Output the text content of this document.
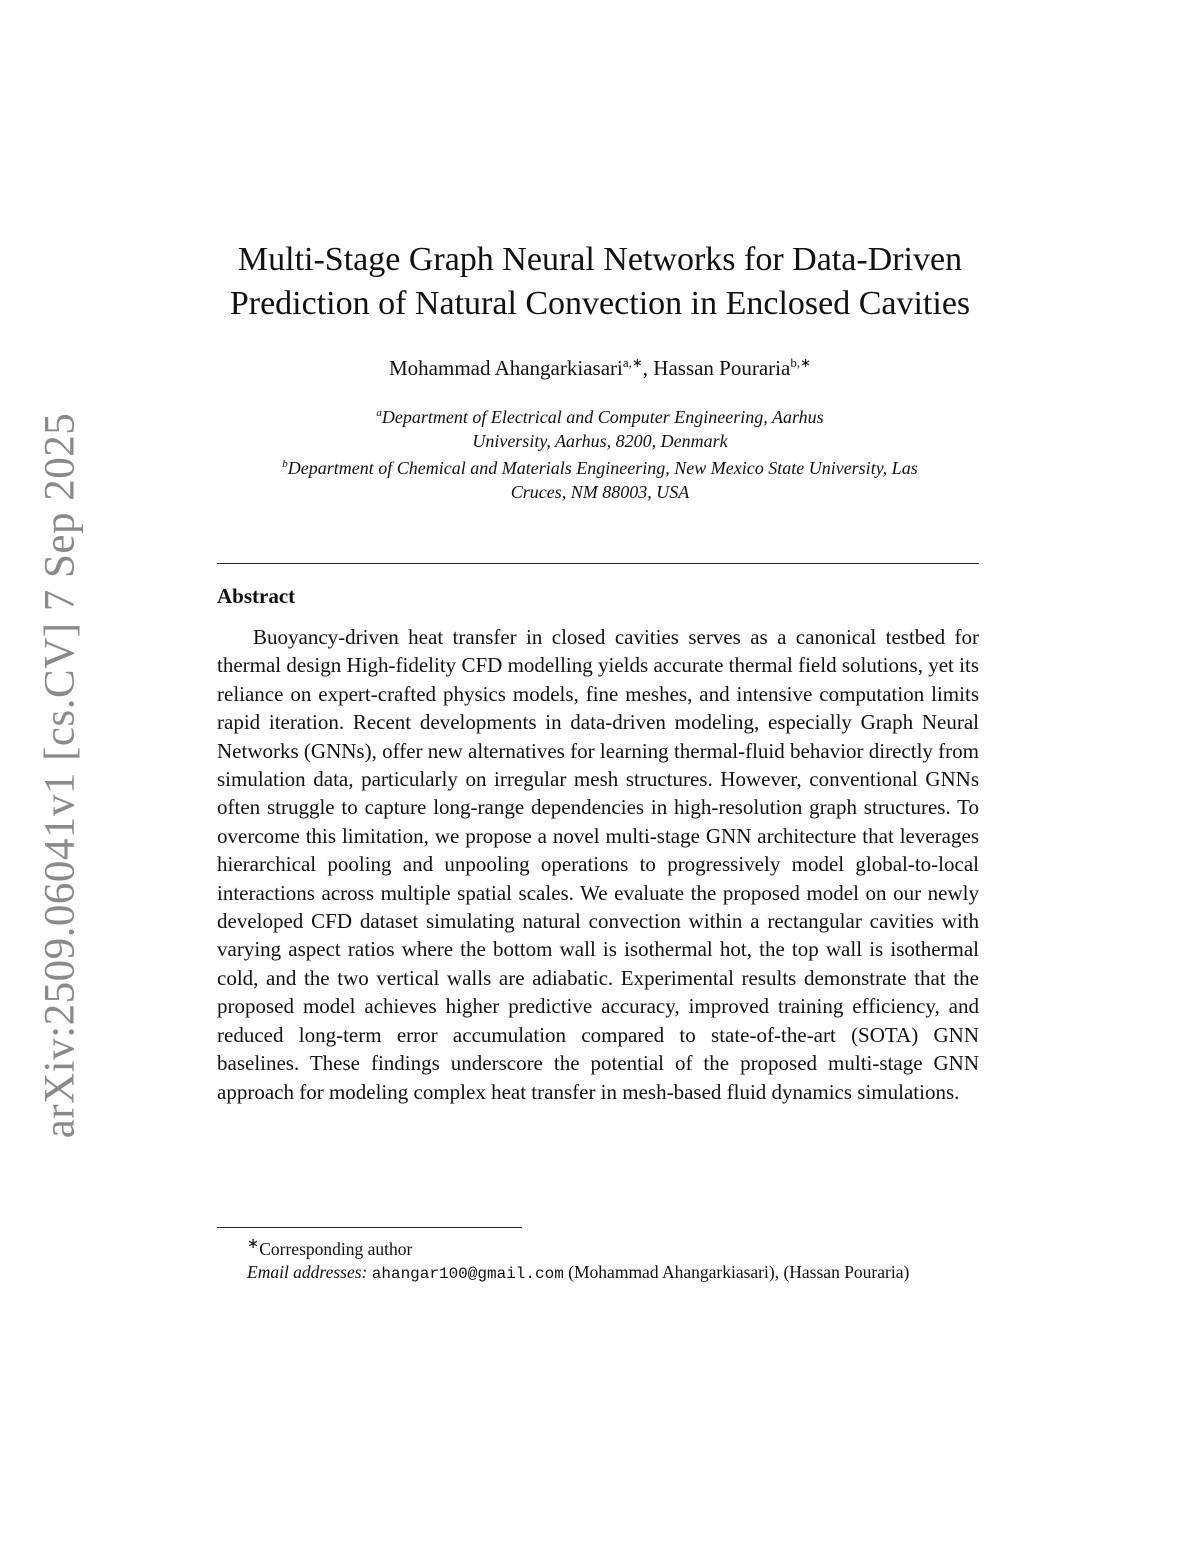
arXiv:2509.06041v1 [cs.CV] 7 Sep 2025
Multi-Stage Graph Neural Networks for Data-Driven
Prediction of Natural Convection in Enclosed Cavities
Mohammad Ahangarkiasari$^{a,∗}$, Hassan Pouraria$^{b,∗}$
$^a$Department of Electrical and Computer Engineering, Aarhus
University, Aarhus, 8200, Denmark
$^b$Department of Chemical and Materials Engineering, New Mexico State University, Las
Cruces, NM 88003, USA
Abstract

Buoyancy-driven heat transfer in closed cavities serves as a canonical testbed for thermal design High-fidelity CFD modelling yields accurate thermal field solutions, yet its reliance on expert-crafted physics models, fine meshes, and intensive computation limits rapid iteration. Recent developments in data-driven modeling, especially Graph Neural Networks (GNNs), offer new alternatives for learning thermal-fluid behavior directly from simulation data, particularly on irregular mesh structures. However, conventional GNNs often struggle to capture long-range dependencies in high-resolution graph structures. To overcome this limitation, we propose a novel multi-stage GNN architecture that leverages hierarchical pooling and unpooling operations to progressively model global-to-local interactions across multiple spatial scales. We evaluate the proposed model on our newly developed CFD dataset simulating natural convection within a rectangular cavities with varying aspect ratios where the bottom wall is isothermal hot, the top wall is isothermal cold, and the two vertical walls are adiabatic. Experimental results demonstrate that the proposed model achieves higher predictive accuracy, improved training efficiency, and reduced long-term error accumulation compared to state-of-the-art (SOTA) GNN baselines. These findings underscore the potential of the proposed multi-stage GNN approach for modeling complex heat transfer in mesh-based fluid dynamics simulations.

∗Corresponding author
Email addresses: ahangar100@gmail.com (Mohammad Ahangarkiasari), (Hassan Pouraria)
